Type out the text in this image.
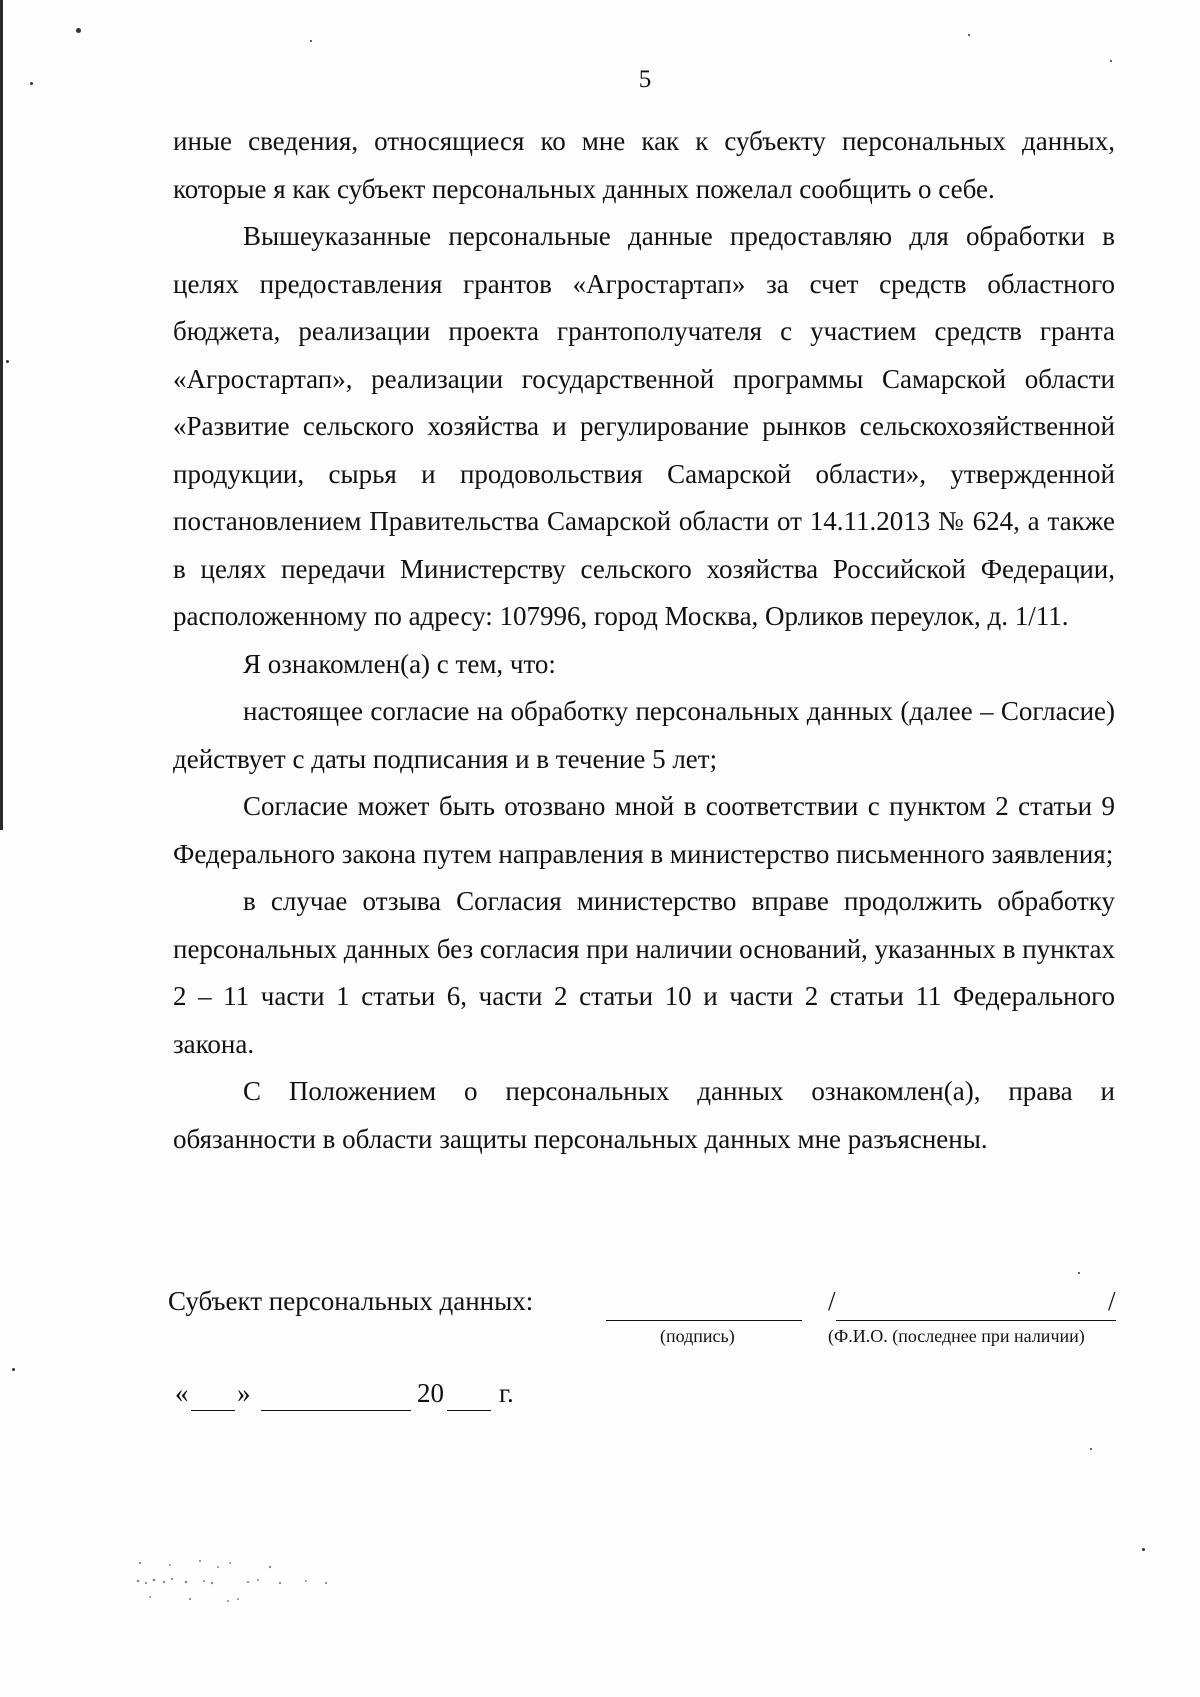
5

иные сведения, относящиеся ко мне как к субъекту персональных данных, которые я как субъект персональных данных пожелал сообщить о себе.

Вышеуказанные персональные данные предоставляю для обработки в целях предоставления грантов «Агростартап» за счет средств областного бюджета, реализации проекта грантополучателя с участием средств гранта «Агростартап», реализации государственной программы Самарской области «Развитие сельского хозяйства и регулирование рынков сельскохозяйственной продукции, сырья и продовольствия Самарской области», утвержденной постановлением Правительства Самарской области от 14.11.2013 № 624, а также в целях передачи Министерству сельского хозяйства Российской Федерации, расположенному по адресу: 107996, город Москва, Орликов переулок, д. 1/11.

Я ознакомлен(а) с тем, что:

настоящее согласие на обработку персональных данных (далее – Согласие) действует с даты подписания и в течение 5 лет;

Согласие может быть отозвано мной в соответствии с пунктом 2 статьи 9 Федерального закона путем направления в министерство письменного заявления;

в случае отзыва Согласия министерство вправе продолжить обработку персональных данных без согласия при наличии оснований, указанных в пунктах 2 – 11 части 1 статьи 6, части 2 статьи 10 и части 2 статьи 11 Федерального закона.

С Положением о персональных данных ознакомлен(а), права и обязанности в области защиты персональных данных мне разъяснены.

Субъект персональных данных:	/	/
(подпись)	(Ф.И.О. (последнее при наличии)
« »	20 г.
